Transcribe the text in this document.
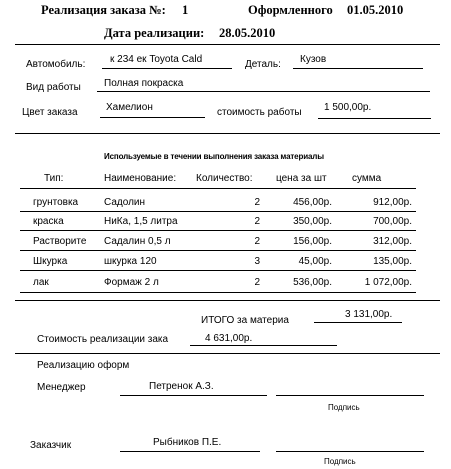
Реализация заказа №: 1	Оформленного 01.05.2010
Дата реализации: 28.05.2010
Автомобиль: к 234 ек Toyota Cald	Деталь: Кузов
Вид работы Полная покраска
Цвет заказа	Хамелион	стоимость работы 1 500,00р.
Используемые в течении выполнения заказа материалы
Тип:	Наименование: Количество: цена за шт	сумма
грунтовка	Садолин	2	456,00р.	912,00р.
краска	НиКа, 1,5 литра	2	350,00р.	700,00р.
Растворите Садалин 0,5 л	2	156,00р.	312,00р.
Шкурка	шкурка 120	3	45,00р.	135,00р.
лак	Формаж 2 л	2	536,00р.	1 072,00р.
ИТОГО за материа
3 131,00р.
Стоимость реализации зака	4 631,00р.
Реализацию оформ
Менеджер	Петренок А.З.
Подпись
Заказчик	Рыбников П.Е.
Подпись
